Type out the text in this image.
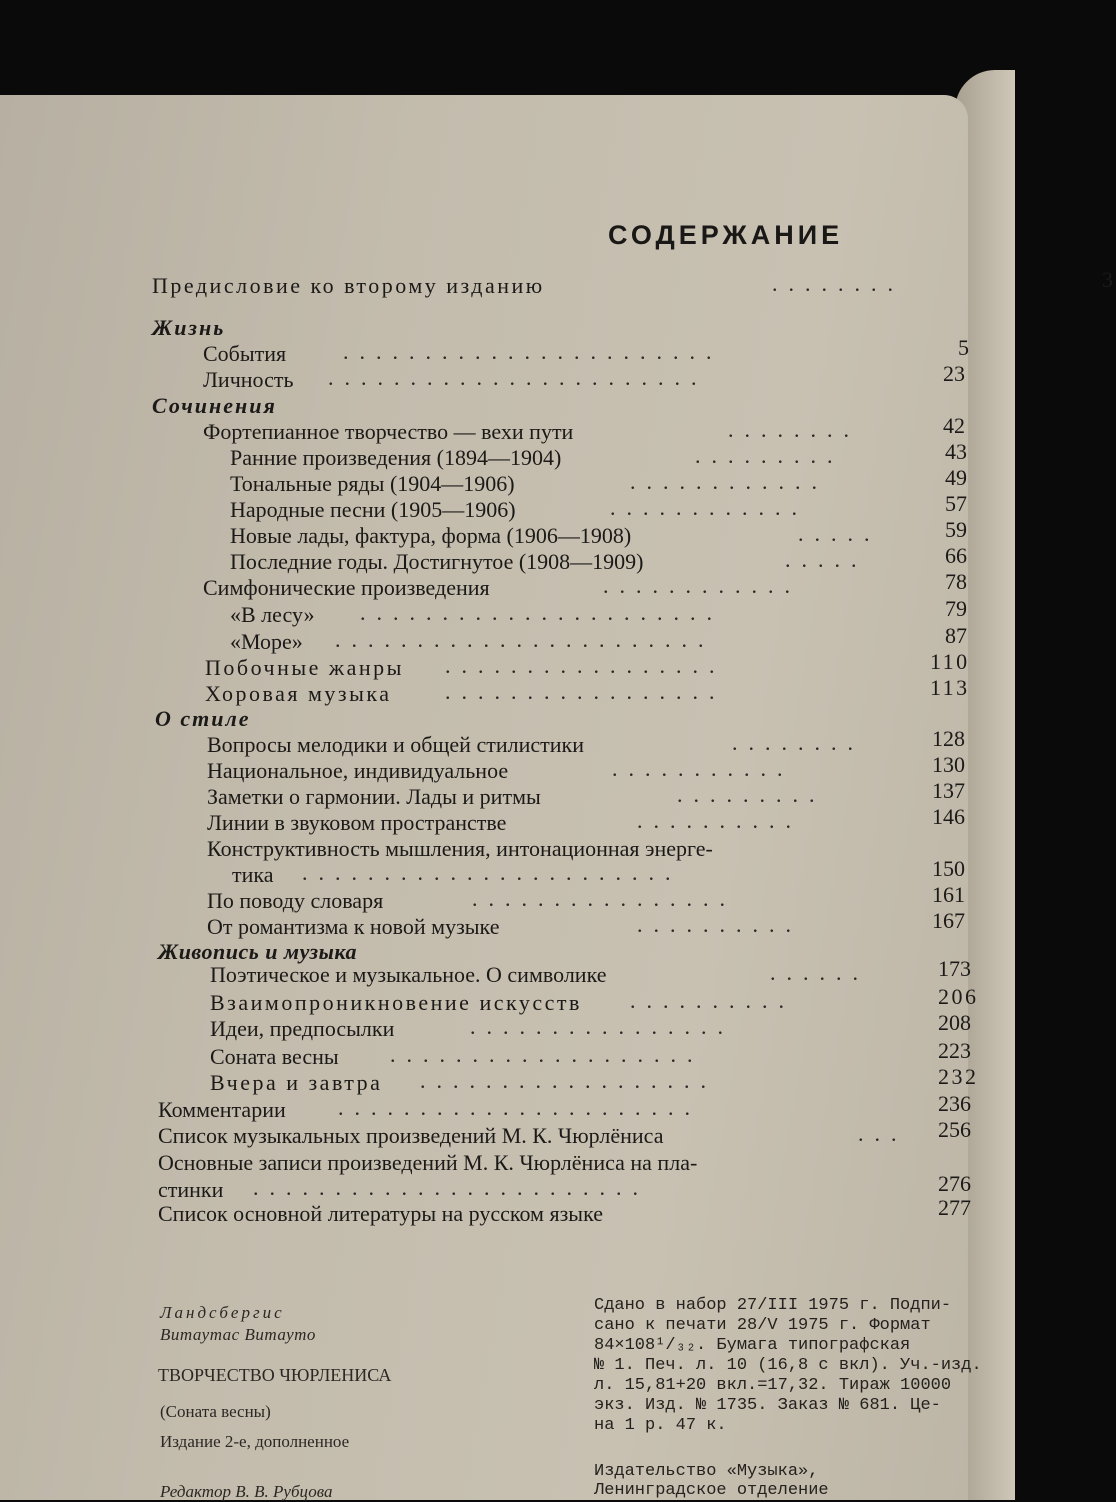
СОДЕРЖАНИЕ
Предисловие ко второму изданию	........	3
Жизнь
События	.......................	5
Личность .......................	23
Сочинения
Фортепианное творчество — вехи пути	........	42
Ранние произведения (1894—1904)	.........	43
Тональные ряды (1904—1906)	............	49
Народные песни (1905—1906)	............	57
Новые лады, фактура, форма (1906—1908)	.....	59
Последние годы. Достигнутое (1908—1909)	.....	66
Симфонические произведения	............	78
«В лесу» ......................	79
«Море» .......................	87
Побочные жанры .................	110
Хоровая музыка .................	113
О стиле
Вопросы мелодики и общей стилистики	........	128
Национальное, индивидуальное	...........	130
Заметки о гармонии. Лады и ритмы	.........	137
Линии в звуковом пространстве	..........	146
Конструктивность мышления, интонационная энерге-
тика .......................	150
По поводу словаря	................	161
От романтизма к новой музыке	..........	167
Живопись и музыка
Поэтическое и музыкальное. О символике	......	173
Взаимопроникновение искусств ..........	206
Идеи, предпосылки	................	208
Соната весны ...................	223
Вчера и завтра ..................	232
Комментарии ......................	236
Список музыкальных произведений М. К. Чюрлёниса	...	256
Основные записи произведений М. К. Чюрлёниса на пла-
стинки ........................	276
Список основной литературы на русском языке	277
Ландсбергис
Витаутас Витауто
ТВОРЧЕСТВО ЧЮРЛЕНИСА
(Соната весны)
Издание 2-е, дополненное
Редактор В. В. Рубцова
Сдано в набор 27/III 1975 г. Подпи-
сано к печати 28/V 1975 г. Формат
84×108¹/₃₂. Бумага типографская
№ 1. Печ. л. 10 (16,8 с вкл). Уч.-изд.
л. 15,81+20 вкл.=17,32. Тираж 10000
экз. Изд. № 1735. Заказ № 681. Це-
на 1 р. 47 к.
Издательство «Музыка»,
Ленинградское отделение
